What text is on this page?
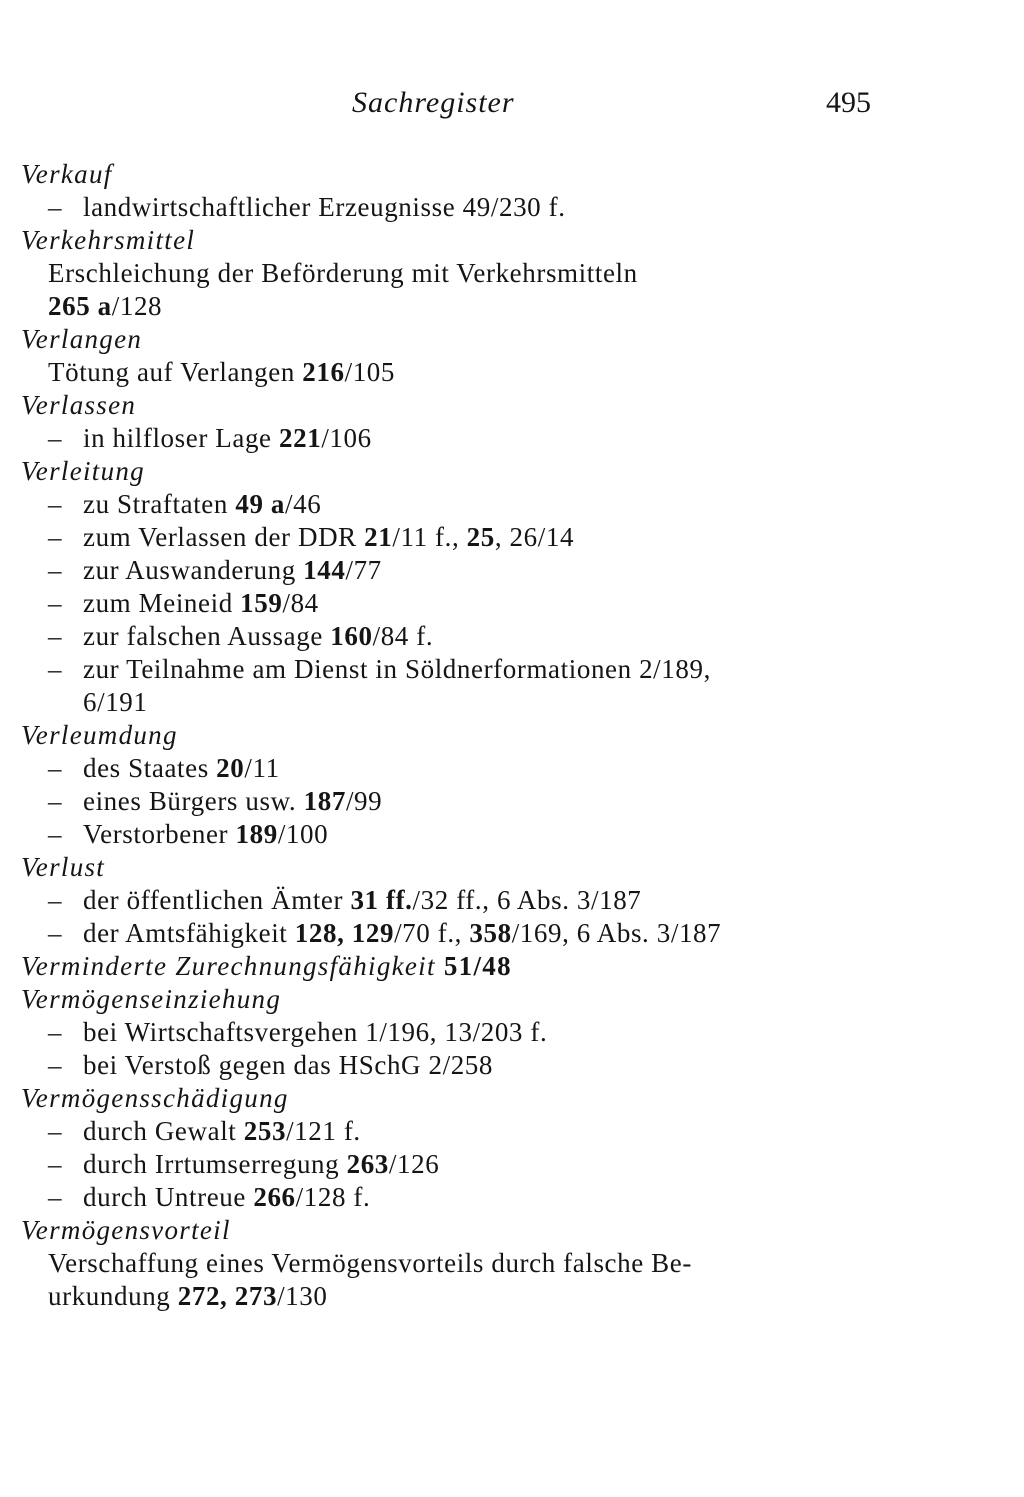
Sachregister	495
Verkauf
–landwirtschaftlicher Erzeugnisse 49/230 f.
Verkehrsmittel
Erschleichung der Beförderung mit Verkehrsmitteln
265 a/128
Verlangen
Tötung auf Verlangen 216/105
Verlassen
–in hilfloser Lage 221/106
Verleitung
–zu Straftaten 49 a/46
–zum Verlassen der DDR 21/11 f., 25, 26/14
–zur Auswanderung 144/77
–zum Meineid 159/84
–zur falschen Aussage 160/84 f.
–zur Teilnahme am Dienst in Söldnerformationen 2/189,
6/191
Verleumdung
–des Staates 20/11
–eines Bürgers usw. 187/99
–Verstorbener 189/100
Verlust
–der öffentlichen Ämter 31 ff./32 ff., 6 Abs. 3/187
–der Amtsfähigkeit 128, 129/70 f., 358/169, 6 Abs. 3/187
Verminderte Zurechnungsfähigkeit 51/48
Vermögenseinziehung
–bei Wirtschaftsvergehen 1/196, 13/203 f.
–bei Verstoß gegen das HSchG 2/258
Vermögensschädigung
–durch Gewalt 253/121 f.
–durch Irrtumserregung 263/126
–durch Untreue 266/128 f.
Vermögensvorteil
Verschaffung eines Vermögensvorteils durch falsche Be-
urkundung 272, 273/130
